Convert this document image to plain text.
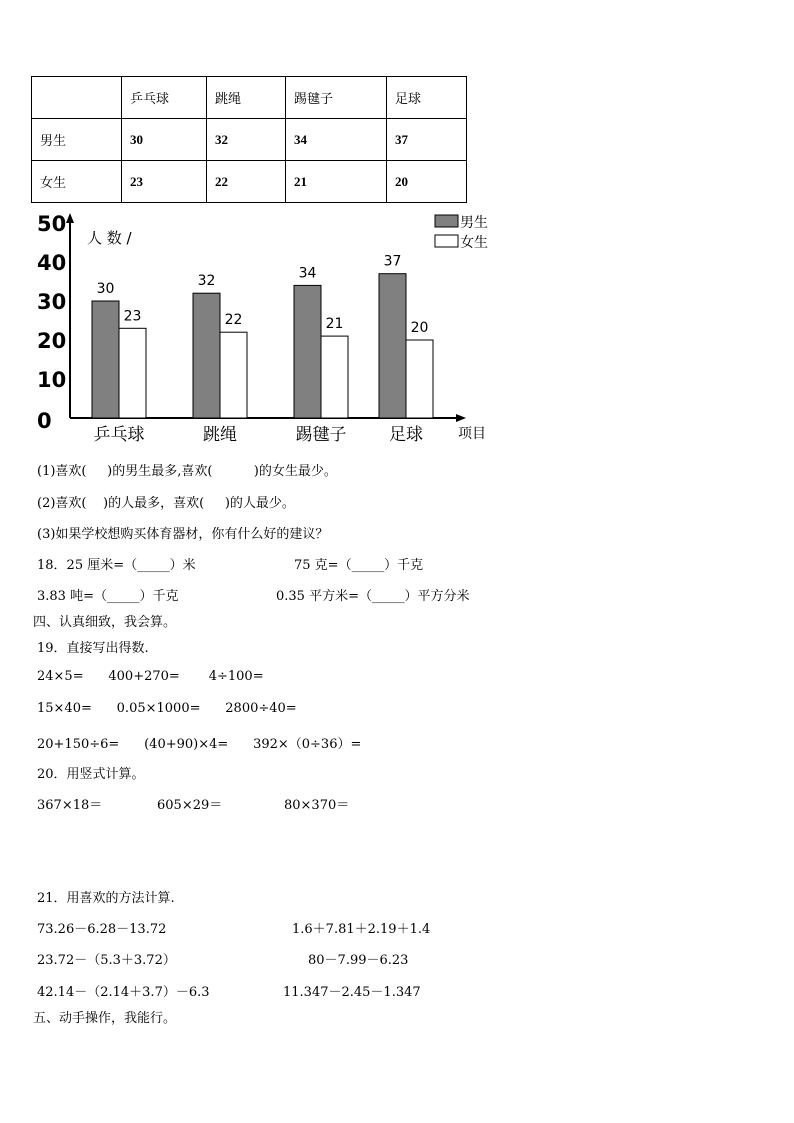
	乒乓球	跳绳	踢毽子	足球
男生	30	32	34	37
女生	23	22	21	20
0
10
20
30
40
50
人 数 /
项目
30
23
乒乓球
32
22
跳绳
34
21
踢毽子
37
20
足球
男生
女生
(1)喜欢(     )的男生最多,喜欢(          )的女生最少。
(2)喜欢(    )的人最多，喜欢(     )的人最少。
(3)如果学校想购买体育器材，你有什么好的建议？
18．25 厘米=（_____）米	75 克=（_____）千克
3.83 吨=（_____）千克	0.35 平方米=（_____）平方分米
四、认真细致，我会算。
19．直接写出得数.
24×5=      400+270=       4÷100=
15×40=      0.05×1000=      2800÷40=
20+150÷6=      (40+90)×4=      392×（0÷36）=
20．用竖式计算。
367×18＝	605×29＝	80×370＝
21．用喜欢的方法计算.
73.26－6.28－13.72	1.6＋7.81＋2.19＋1.4
23.72－（5.3＋3.72）	80－7.99－6.23
42.14－（2.14＋3.7）－6.3	11.347－2.45－1.347
五、动手操作，我能行。
